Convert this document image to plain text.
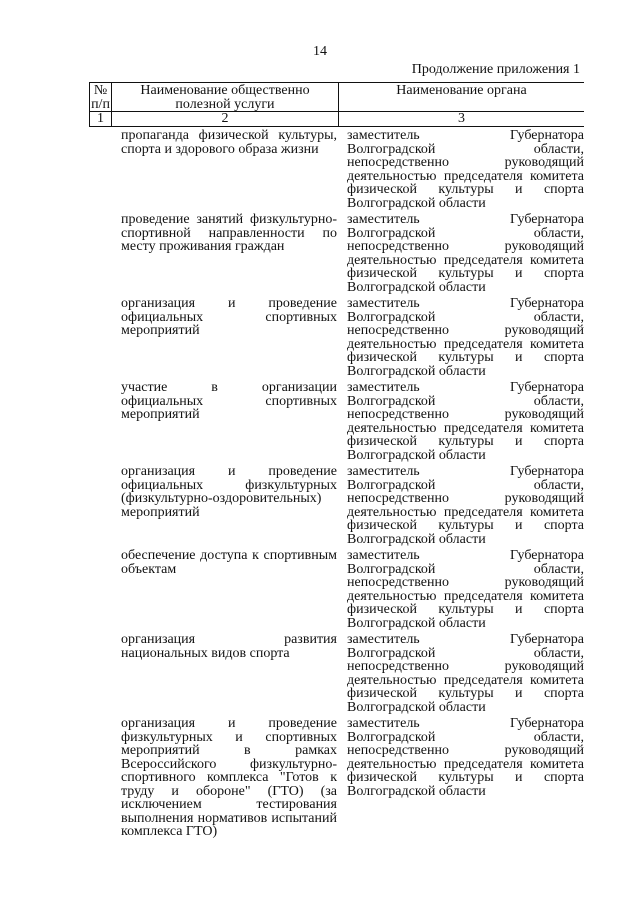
14
Продолжение приложения 1
№ п/п
Наименование общественно полезной услуги
Наименование органа
1	2	3
пропаганда физической культуры, спорта и здорового образа жизни
заместитель Губернатора Волгоградской области, непосредственно руководящий деятельностью председателя комитета физической культуры и спорта Волгоградской области
проведение занятий физкультурно-спортивной направленности по месту проживания граждан
заместитель Губернатора Волгоградской области, непосредственно руководящий деятельностью председателя комитета физической культуры и спорта Волгоградской области
организация и проведение официальных спортивных мероприятий
заместитель Губернатора Волгоградской области, непосредственно руководящий деятельностью председателя комитета физической культуры и спорта Волгоградской области
участие в организации официальных спортивных мероприятий
заместитель Губернатора Волгоградской области, непосредственно руководящий деятельностью председателя комитета физической культуры и спорта Волгоградской области
организация и проведение официальных физкультурных (физкультурно-оздоровительных) мероприятий
заместитель Губернатора Волгоградской области, непосредственно руководящий деятельностью председателя комитета физической культуры и спорта Волгоградской области
обеспечение доступа к спортивным объектам
заместитель Губернатора Волгоградской области, непосредственно руководящий деятельностью председателя комитета физической культуры и спорта Волгоградской области
организация развития национальных видов спорта
заместитель Губернатора Волгоградской области, непосредственно руководящий деятельностью председателя комитета физической культуры и спорта Волгоградской области
организация и проведение физкультурных и спортивных мероприятий в рамках Всероссийского физкультурно-спортивного комплекса "Готов к труду и обороне" (ГТО) (за исключением тестирования выполнения нормативов испытаний комплекса ГТО)
заместитель Губернатора Волгоградской области, непосредственно руководящий деятельностью председателя комитета физической культуры и спорта Волгоградской области
